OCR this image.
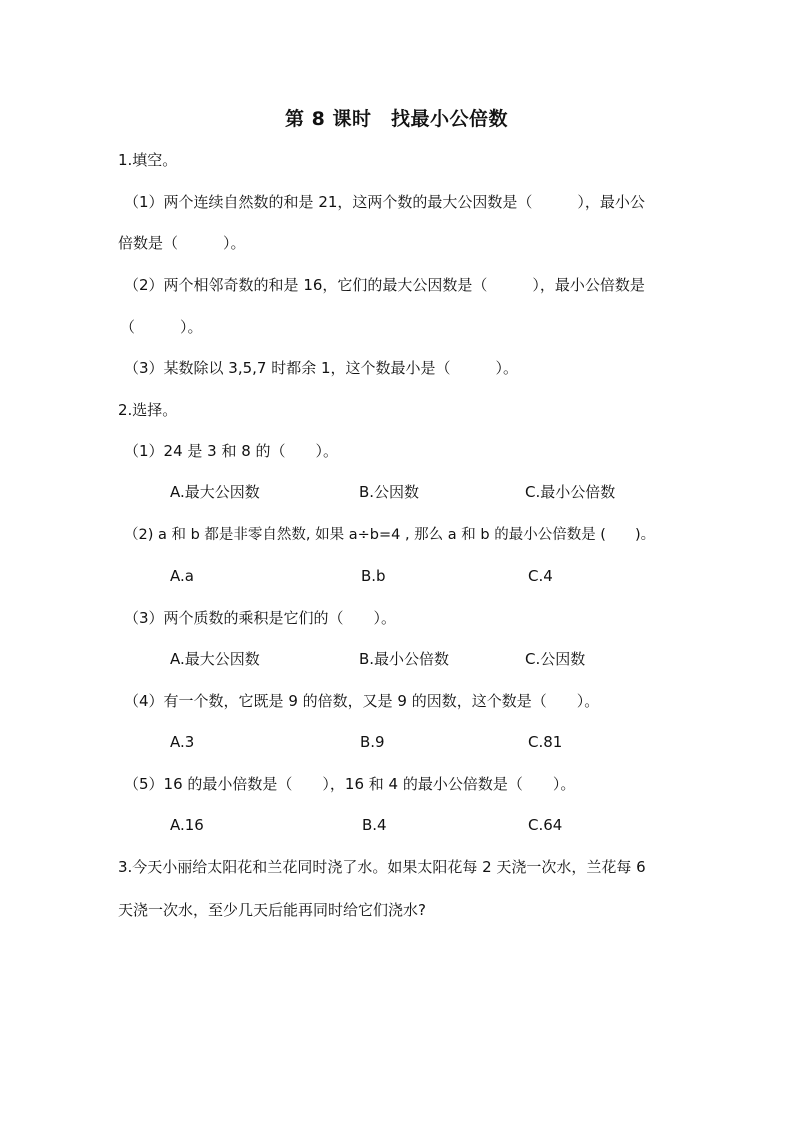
第 8 课时　找最小公倍数
1.填空。
（1）两个连续自然数的和是 21，这两个数的最大公因数是（　　　），最小公
倍数是（　　　）。
（2）两个相邻奇数的和是 16，它们的最大公因数是（　　　），最小公倍数是
（　　　）。
（3）某数除以 3,5,7 时都余 1，这个数最小是（　　　）。
2.选择。
（1）24 是 3 和 8 的（　　）。
A.最大公因数	B.公因数	C.最小公倍数
（2) a 和 b 都是非零自然数, 如果 a÷b=4 , 那么 a 和 b 的最小公倍数是 (　　)。
A.a	B.b	C.4
（3）两个质数的乘积是它们的（　　）。
A.最大公因数	B.最小公倍数	C.公因数
（4）有一个数，它既是 9 的倍数，又是 9 的因数，这个数是（　　）。
A.3	B.9	C.81
（5）16 的最小倍数是（　　），16 和 4 的最小公倍数是（　　）。
A.16	B.4	C.64
3.今天小丽给太阳花和兰花同时浇了水。如果太阳花每 2 天浇一次水，兰花每 6
天浇一次水，至少几天后能再同时给它们浇水?
